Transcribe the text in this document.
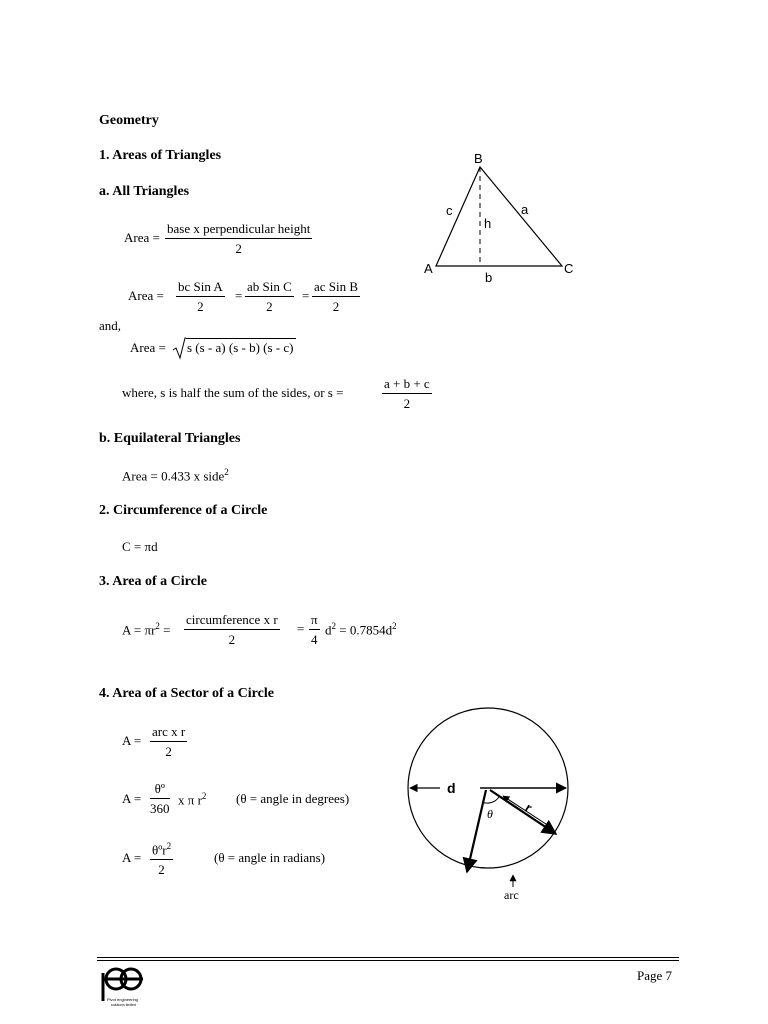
Geometry
1. Areas of Triangles
a. All Triangles
Area =
base x perpendicular height
2
Area =
bc Sin A
2
=
ab Sin C
2
=
ac Sin B
2
and,
Area = s (s - a) (s - b) (s - c)
where, s is half the sum of the sides, or s =	$\frac{a + b + c}{2}$
B
A	C
a
b
c
h
b. Equilateral Triangles
Area = 0.433 x side$^2$
2. Circumference of a Circle
C = πd
3. Area of a Circle
$A = \pi r^2$ =
circumference x r
2
= $\frac{\pi}{4} d^2 = 0.7854d^2$
4. Area of a Sector of a Circle
A =
arc x r
2
$A = \frac{\text{θº}}{360}$ x π $r^2$ (θ = angle in degrees)
A =
θºr$^2$
2
(θ = angle in radians)
d
r
θ
arc
Pivot engineering
solutions limited
Page 7
